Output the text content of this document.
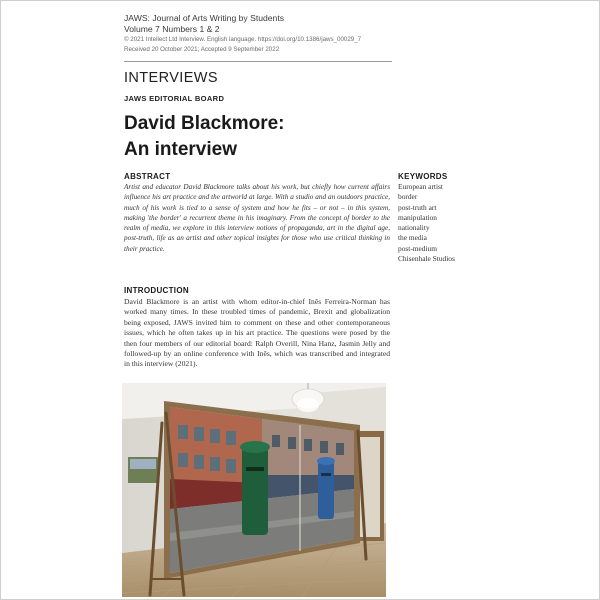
JAWS: Journal of Arts Writing by Students
Volume 7 Numbers 1 & 2
© 2021 Intellect Ltd Interview. English language. https://doi.org/10.1386/jaws_00029_7
Received 20 October 2021; Accepted 9 September 2022
INTERVIEWS
JAWS EDITORIAL BOARD
David Blackmore:
An interview
ABSTRACT

Artist and educator David Blackmore talks about his work, but chiefly how current affairs influence his art practice and the artworld at large. With a studio and an outdoors practice, much of his work is tied to a sense of system and how he fits – or not – in this system, making 'the border' a recurrent theme in his imaginary. From the concept of border to the realm of media, we explore in this interview notions of propaganda, art in the digital age, post-truth, life as an artist and other topical insights for those who use critical thinking in their practice.

KEYWORDS
European artist
border
post-truth art
manipulation
nationality
the media
post-medium
Chisenhale Studios
INTRODUCTION

David Blackmore is an artist with whom editor-in-chief Inês Ferreira-Norman has worked many times. In these troubled times of pandemic, Brexit and globalization being exposed, JAWS invited him to comment on these and other contemporaneous issues, which he often takes up in his art practice. The questions were posed by the then four members of our editorial board: Ralph Overill, Nina Hanz, Jasmin Jelly and followed-up by an online conference with Inês, which was transcribed and integrated in this interview (2021).
